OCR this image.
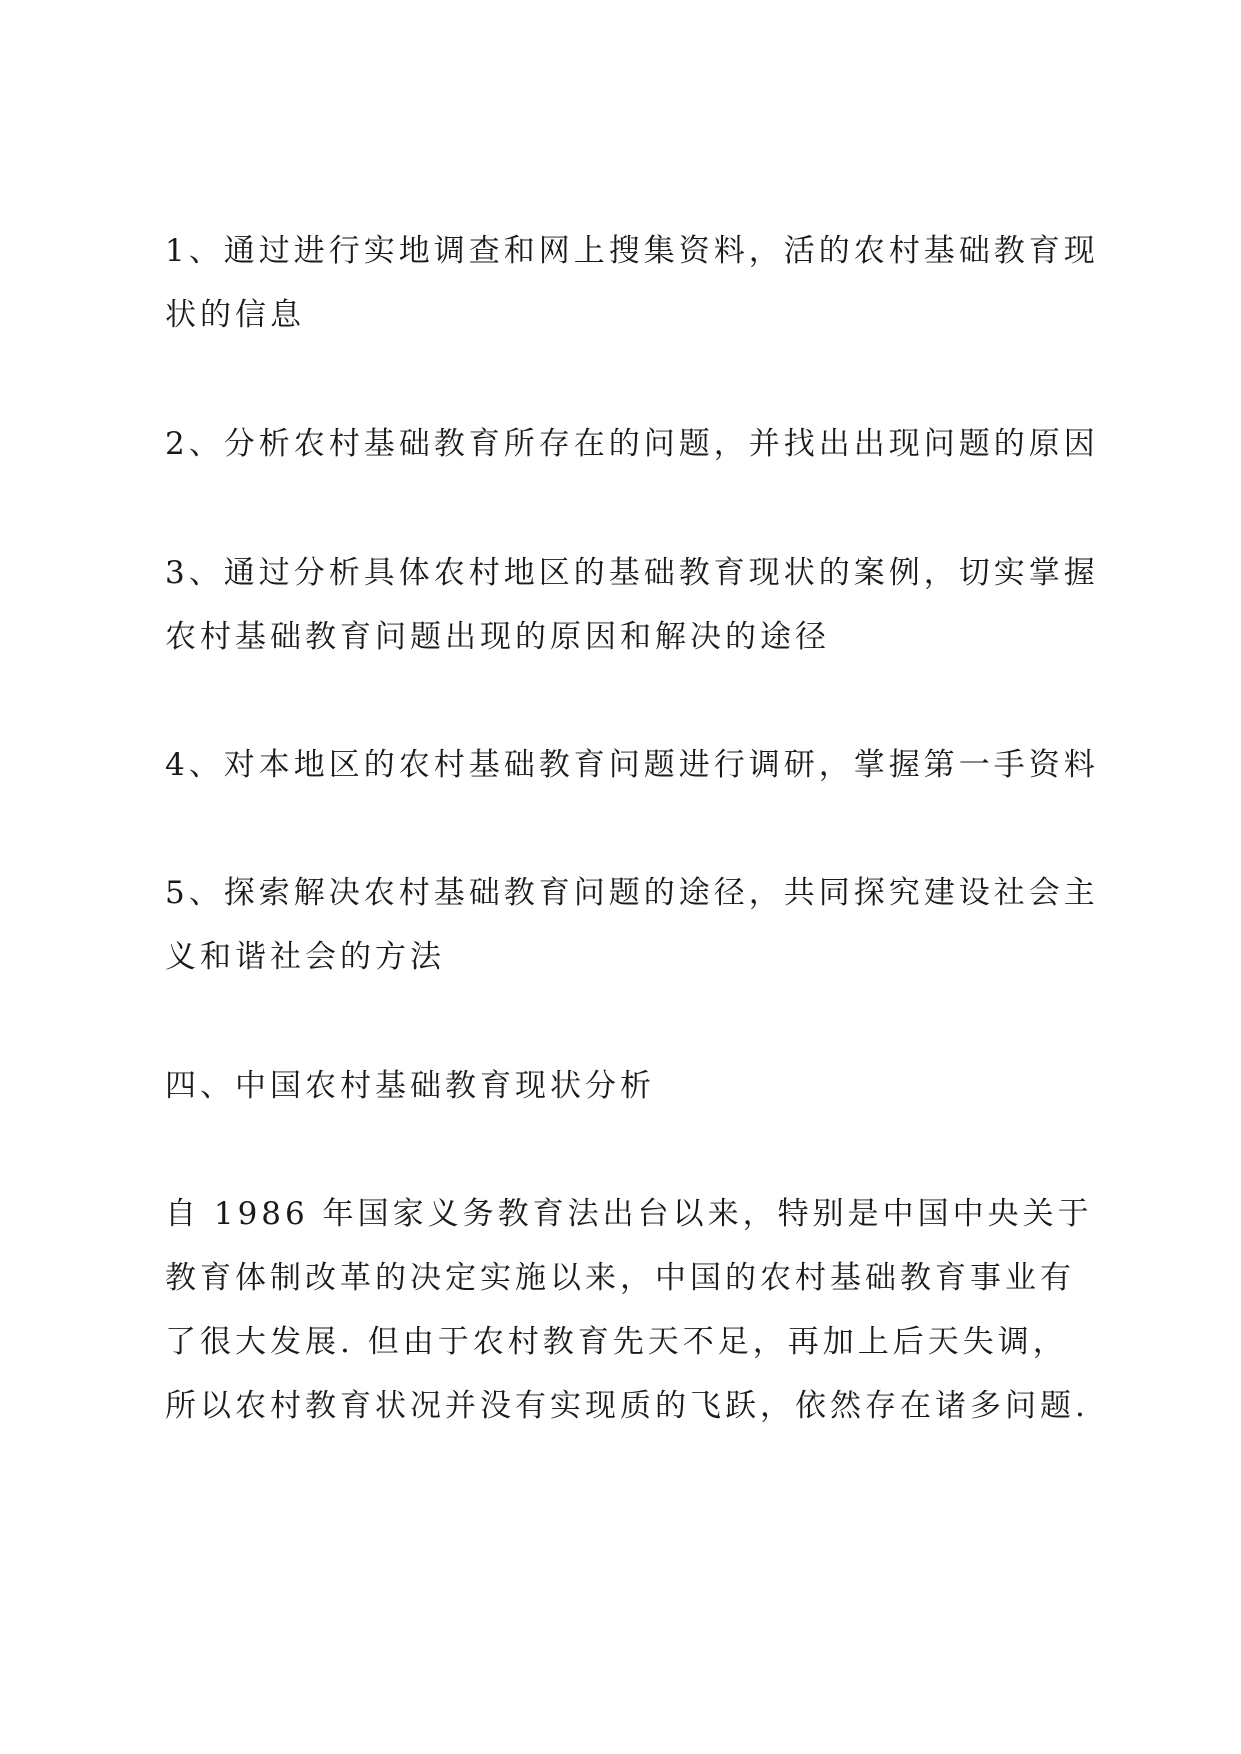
1、通过进行实地调查和网上搜集资料，活的农村基础教育现状的信息

2、分析农村基础教育所存在的问题，并找出出现问题的原因

3、通过分析具体农村地区的基础教育现状的案例，切实掌握农村基础教育问题出现的原因和解决的途径

4、对本地区的农村基础教育问题进行调研，掌握第一手资料

5、探索解决农村基础教育问题的途径，共同探究建设社会主义和谐社会的方法

四、中国农村基础教育现状分析

自 1986 年国家义务教育法出台以来，特别是中国中央关于教育体制改革的决定实施以来，中国的农村基础教育事业有了很大发展. 但由于农村教育先天不足，再加上后天失调，所以农村教育状况并没有实现质的飞跃，依然存在诸多问题.
